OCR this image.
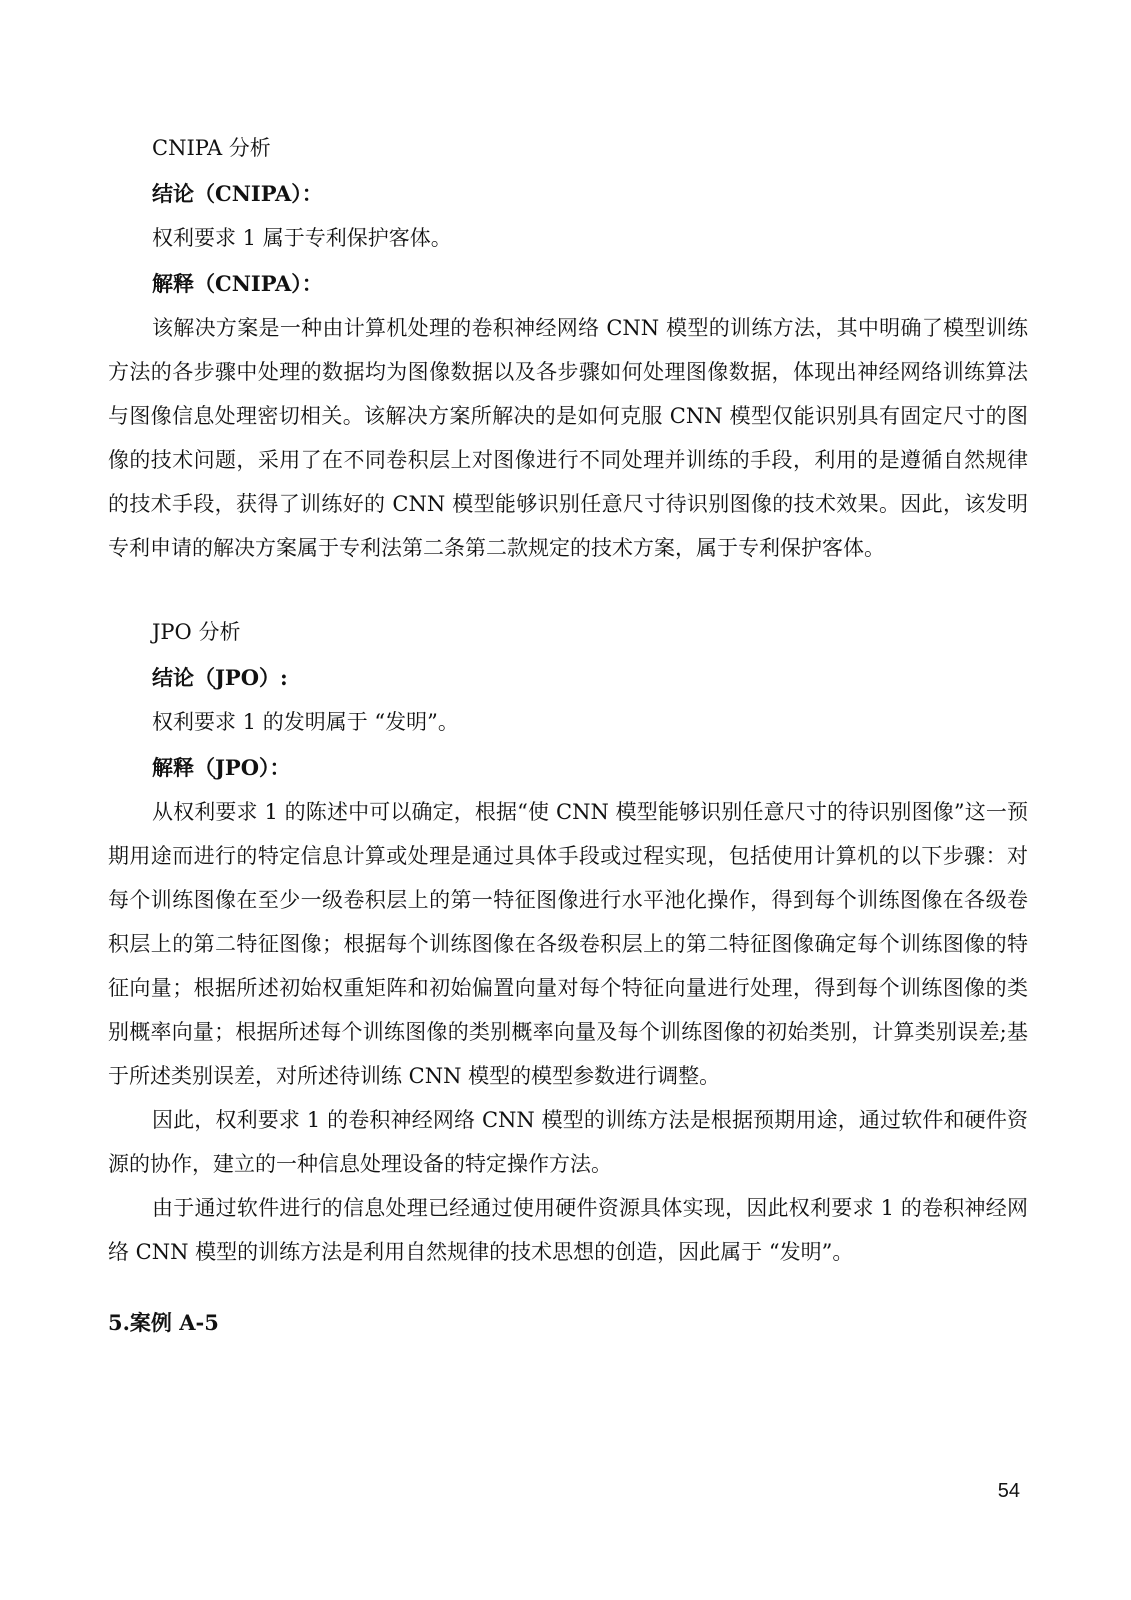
CNIPA 分析
结论（CNIPA）：
权利要求 1 属于专利保护客体。
解释（CNIPA）：

该解决方案是一种由计算机处理的卷积神经网络 CNN 模型的训练方法，其中明确了模型训练方法的各步骤中处理的数据均为图像数据以及各步骤如何处理图像数据，体现出神经网络训练算法与图像信息处理密切相关。该解决方案所解决的是如何克服 CNN 模型仅能识别具有固定尺寸的图像的技术问题，采用了在不同卷积层上对图像进行不同处理并训练的手段，利用的是遵循自然规律的技术手段，获得了训练好的 CNN 模型能够识别任意尺寸待识别图像的技术效果。因此，该发明专利申请的解决方案属于专利法第二条第二款规定的技术方案，属于专利保护客体。

JPO 分析
结论（JPO）:
权利要求 1 的发明属于 “发明”。
解释（JPO）：

从权利要求 1 的陈述中可以确定，根据“使 CNN 模型能够识别任意尺寸的待识别图像”这一预期用途而进行的特定信息计算或处理是通过具体手段或过程实现，包括使用计算机的以下步骤：对每个训练图像在至少一级卷积层上的第一特征图像进行水平池化操作，得到每个训练图像在各级卷积层上的第二特征图像；根据每个训练图像在各级卷积层上的第二特征图像确定每个训练图像的特征向量；根据所述初始权重矩阵和初始偏置向量对每个特征向量进行处理，得到每个训练图像的类别概率向量；根据所述每个训练图像的类别概率向量及每个训练图像的初始类别，计算类别误差;基于所述类别误差，对所述待训练 CNN 模型的模型参数进行调整。

因此，权利要求 1 的卷积神经网络 CNN 模型的训练方法是根据预期用途，通过软件和硬件资源的协作，建立的一种信息处理设备的特定操作方法。

由于通过软件进行的信息处理已经通过使用硬件资源具体实现，因此权利要求 1 的卷积神经网络 CNN 模型的训练方法是利用自然规律的技术思想的创造，因此属于 “发明”。

5.案例 A-5
54
